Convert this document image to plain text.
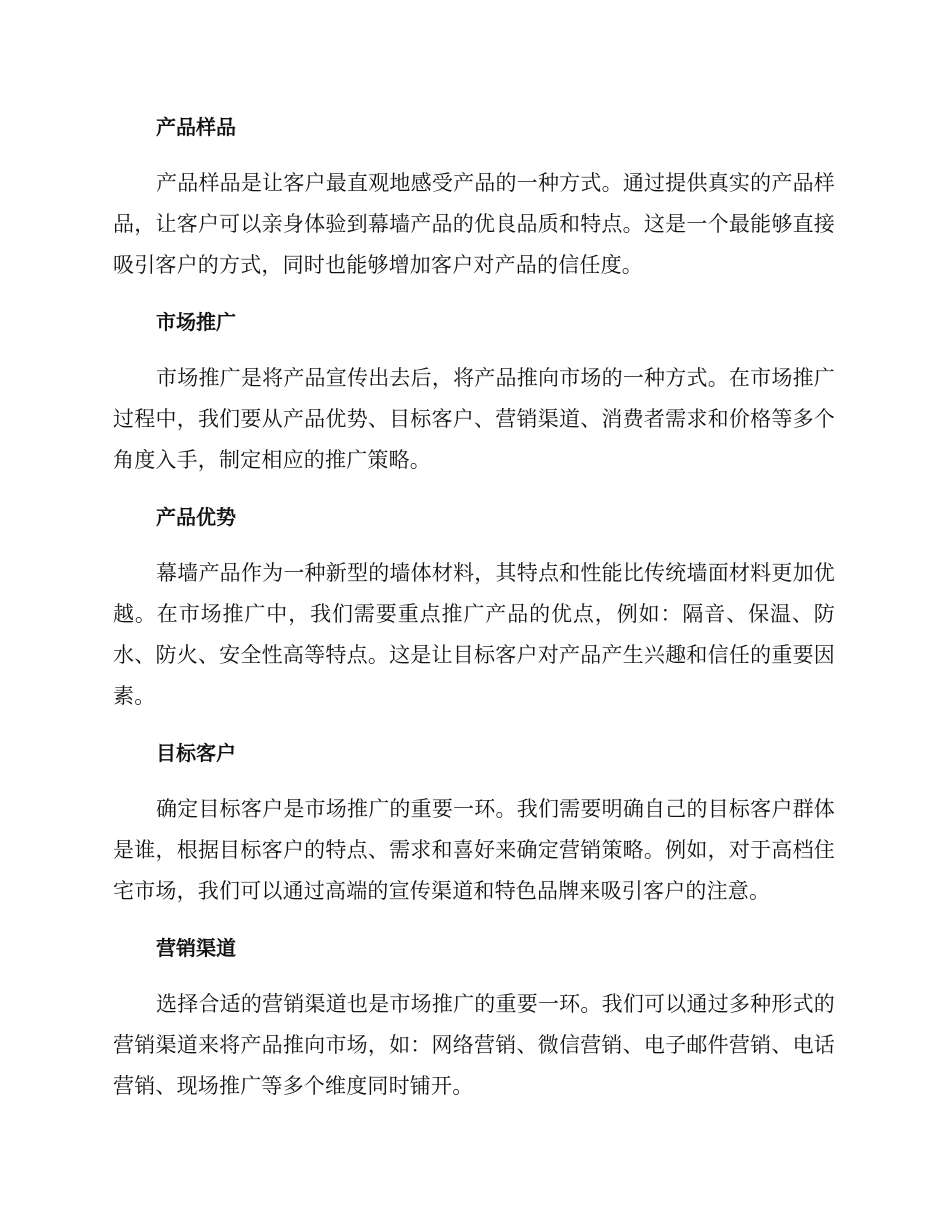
产品样品

产品样品是让客户最直观地感受产品的一种方式。通过提供真实的产品样品，让客户可以亲身体验到幕墙产品的优良品质和特点。这是一个最能够直接吸引客户的方式，同时也能够增加客户对产品的信任度。

市场推广

市场推广是将产品宣传出去后，将产品推向市场的一种方式。在市场推广过程中，我们要从产品优势、目标客户、营销渠道、消费者需求和价格等多个角度入手，制定相应的推广策略。

产品优势

幕墙产品作为一种新型的墙体材料，其特点和性能比传统墙面材料更加优越。在市场推广中，我们需要重点推广产品的优点，例如：隔音、保温、防水、防火、安全性高等特点。这是让目标客户对产品产生兴趣和信任的重要因素。

目标客户

确定目标客户是市场推广的重要一环。我们需要明确自己的目标客户群体是谁，根据目标客户的特点、需求和喜好来确定营销策略。例如，对于高档住宅市场，我们可以通过高端的宣传渠道和特色品牌来吸引客户的注意。

营销渠道

选择合适的营销渠道也是市场推广的重要一环。我们可以通过多种形式的营销渠道来将产品推向市场，如：网络营销、微信营销、电子邮件营销、电话营销、现场推广等多个维度同时铺开。
